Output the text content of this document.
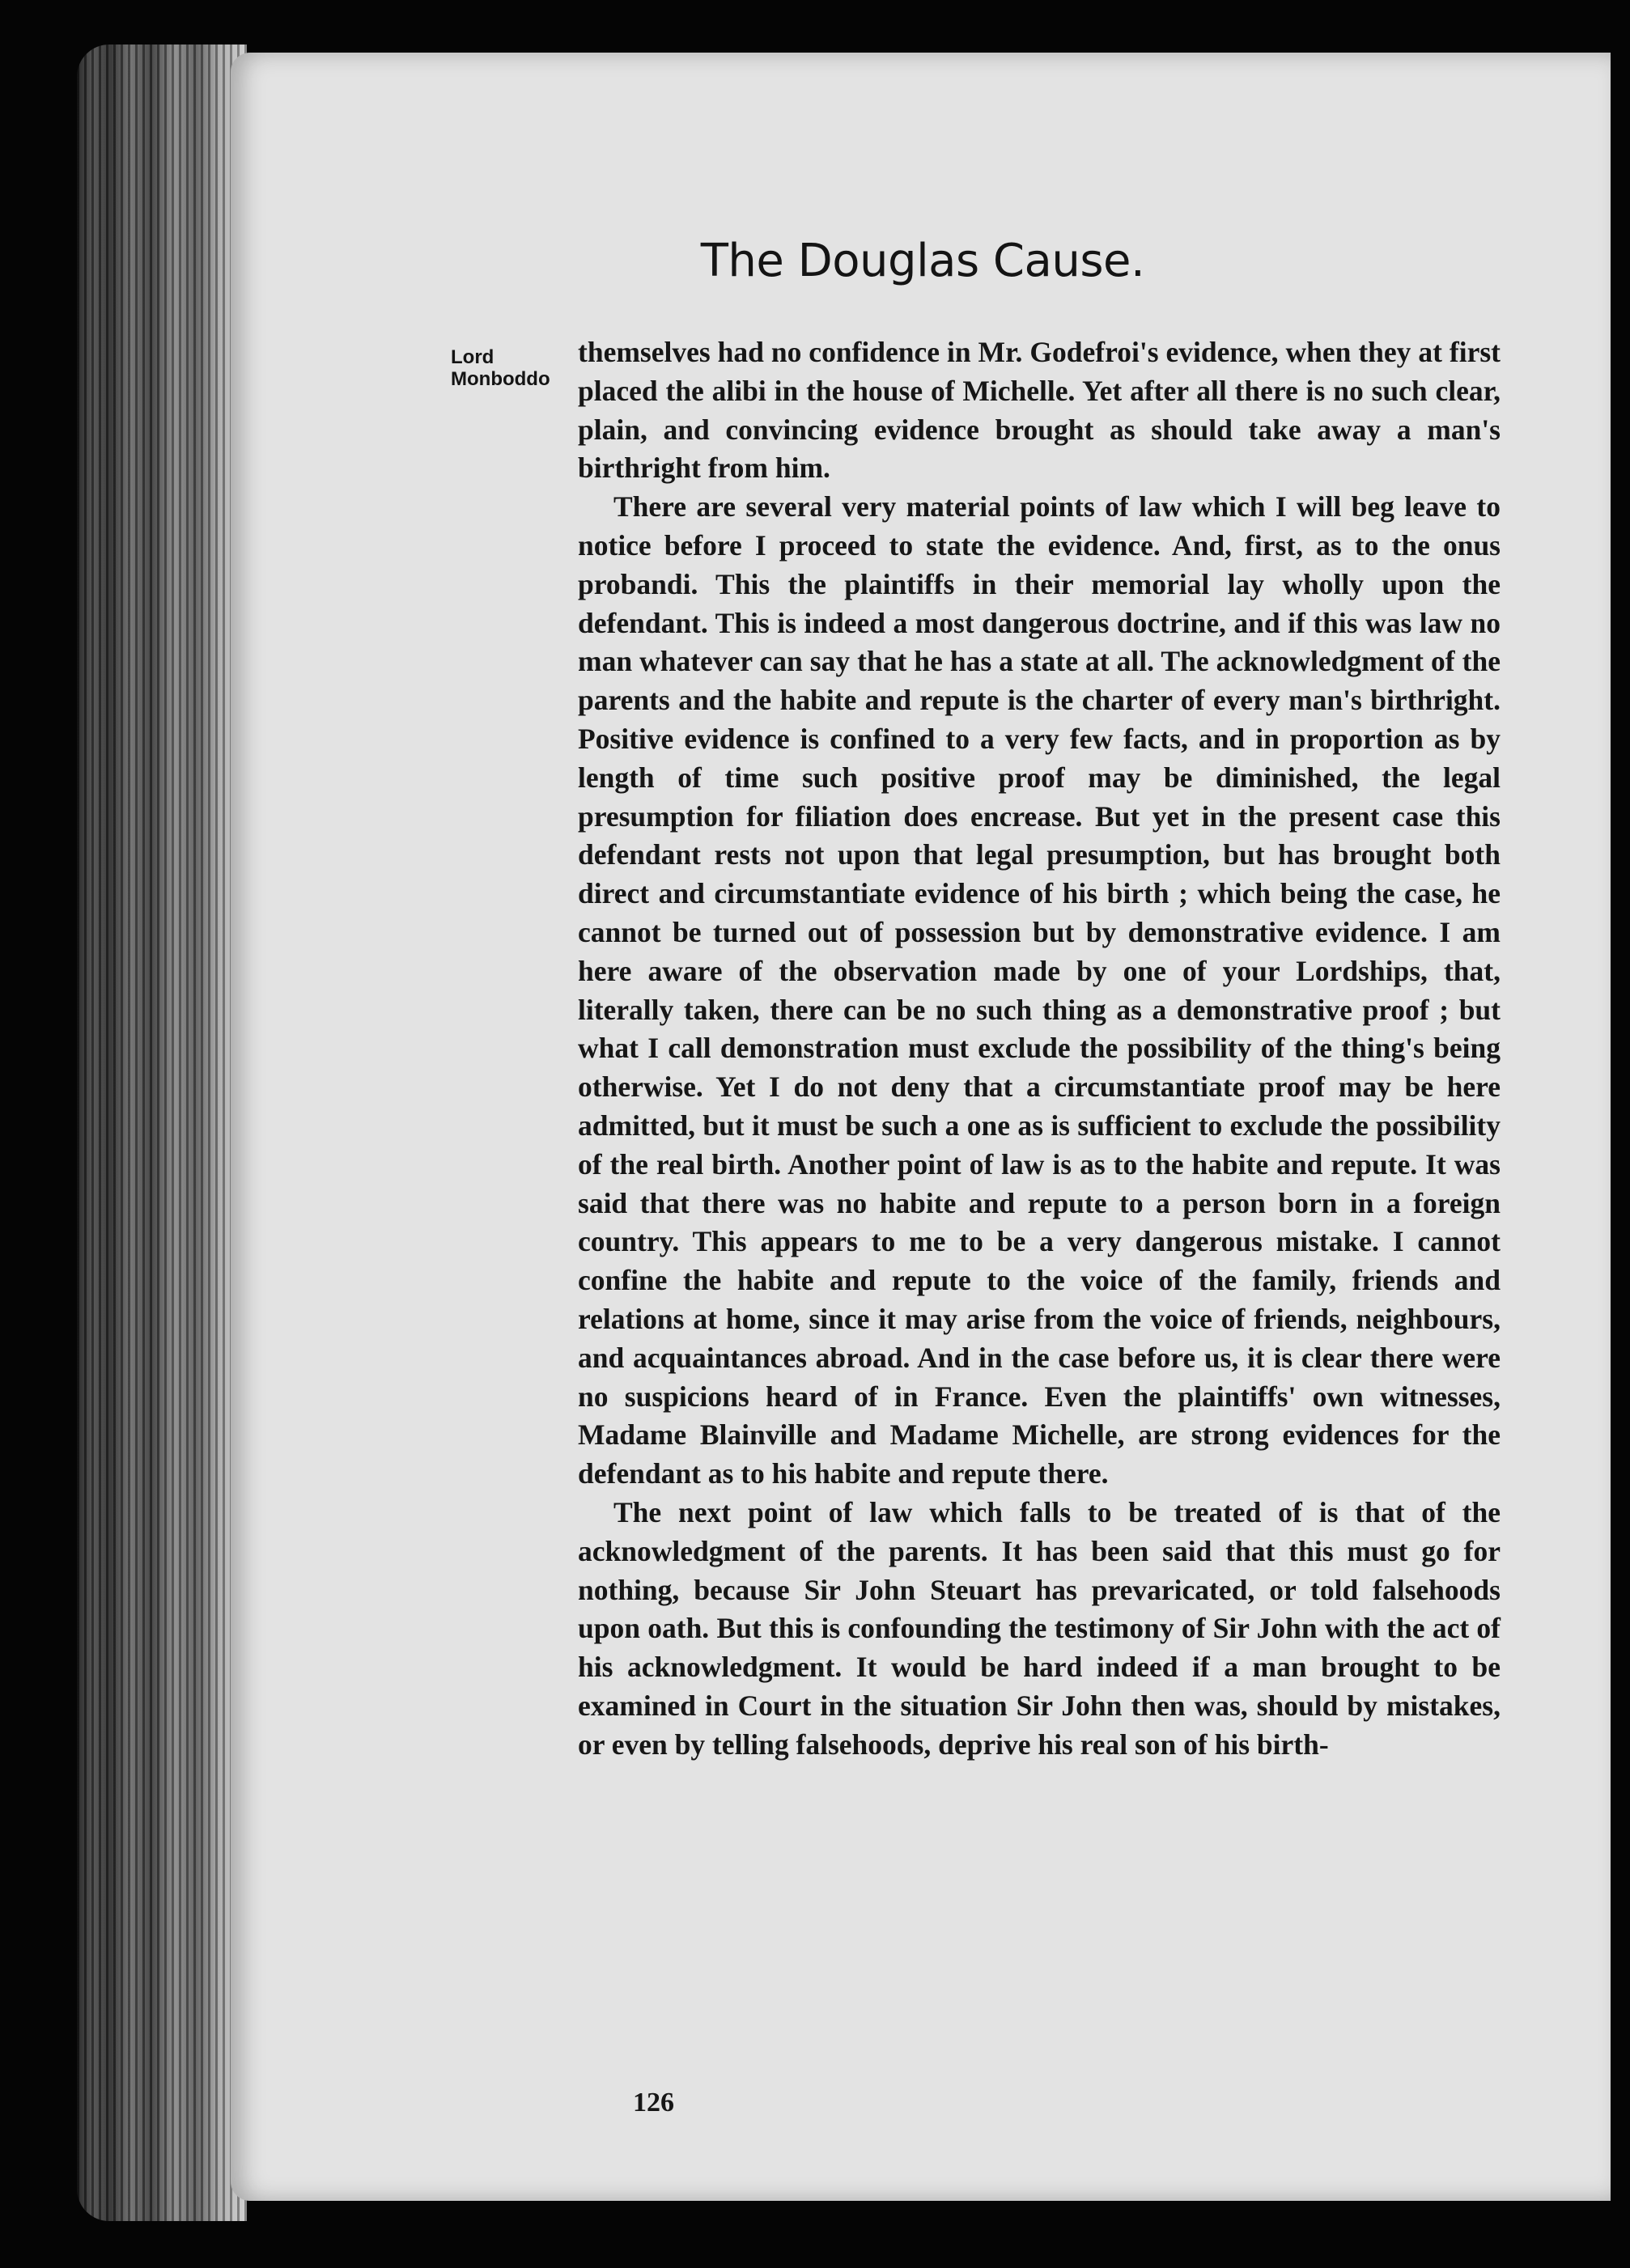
The Douglas Cause.
Lord
Monboddo

themselves had no confidence in Mr. Godefroi's evidence, when they at first placed the alibi in the house of Michelle. Yet after all there is no such clear, plain, and convincing evidence brought as should take away a man's birthright from him.

There are several very material points of law which I will beg leave to notice before I proceed to state the evidence. And, first, as to the onus probandi. This the plaintiffs in their memorial lay wholly upon the defendant. This is indeed a most dangerous doctrine, and if this was law no man whatever can say that he has a state at all. The acknowledgment of the parents and the habite and repute is the charter of every man's birthright. Positive evidence is confined to a very few facts, and in proportion as by length of time such positive proof may be diminished, the legal presumption for filiation does encrease. But yet in the present case this defendant rests not upon that legal presumption, but has brought both direct and circumstantiate evidence of his birth ; which being the case, he cannot be turned out of possession but by demonstrative evidence. I am here aware of the observation made by one of your Lordships, that, literally taken, there can be no such thing as a demonstrative proof ; but what I call demonstration must exclude the possibility of the thing's being otherwise. Yet I do not deny that a circumstantiate proof may be here admitted, but it must be such a one as is sufficient to exclude the possibility of the real birth. Another point of law is as to the habite and repute. It was said that there was no habite and repute to a person born in a foreign country. This appears to me to be a very dangerous mistake. I cannot confine the habite and repute to the voice of the family, friends and relations at home, since it may arise from the voice of friends, neighbours, and acquaintances abroad. And in the case before us, it is clear there were no suspicions heard of in France. Even the plaintiffs' own witnesses, Madame Blainville and Madame Michelle, are strong evidences for the defendant as to his habite and repute there.

The next point of law which falls to be treated of is that of the acknowledgment of the parents. It has been said that this must go for nothing, because Sir John Steuart has prevaricated, or told falsehoods upon oath. But this is confounding the testimony of Sir John with the act of his acknowledgment. It would be hard indeed if a man brought to be examined in Court in the situation Sir John then was, should by mistakes, or even by telling falsehoods, deprive his real son of his birth-

126
